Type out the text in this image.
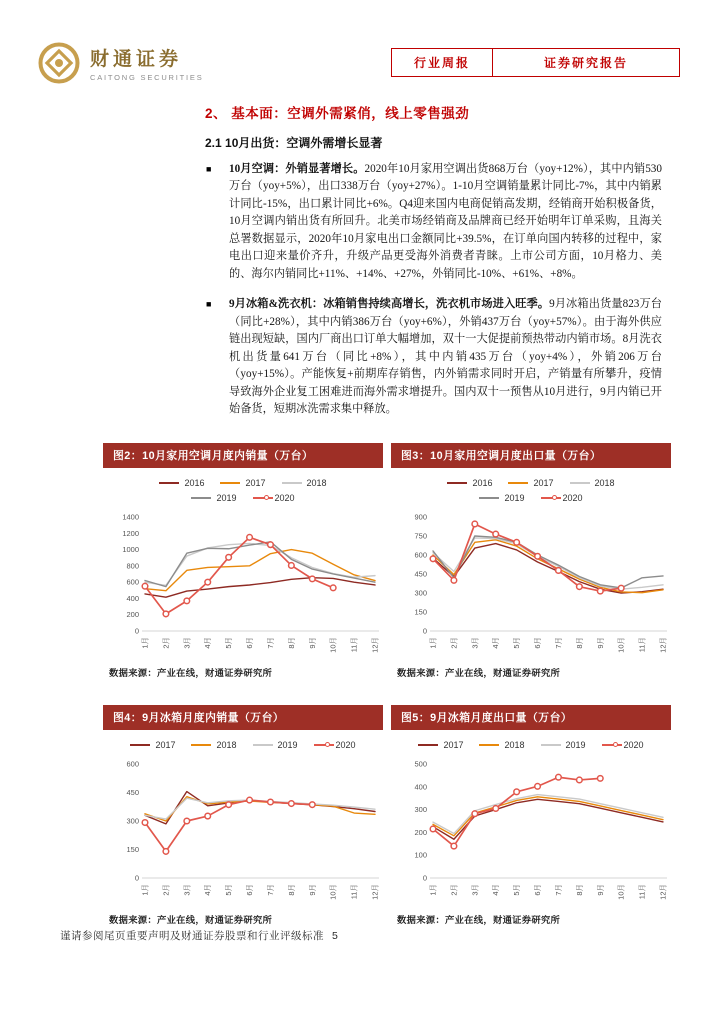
财通证券
CAITONG SECURITIES
行业周报	证券研究报告
2、 基本面：空调外需紧俏，线上零售强劲
2.1 10月出货：空调外需增长显著

■ 10月空调：外销显著增长。2020年10月家用空调出货868万台（yoy+12%），其中内销530万台（yoy+5%），出口338万台（yoy+27%）。1-10月空调销量累计同比-7%，其中内销累计同比-15%，出口累计同比+6%。Q4迎来国内电商促销高发期，经销商开始积极备货，10月空调内销出货有所回升。北美市场经销商及品牌商已经开始明年订单采购，且海关总署数据显示，2020年10月家电出口金额同比+39.5%，在订单向国内转移的过程中，家电出口迎来量价齐升，升级产品更受海外消费者青睐。上市公司方面，10月格力、美的、海尔内销同比+11%、+14%、+27%，外销同比-10%、+61%、+8%。

■ 9月冰箱&洗衣机：冰箱销售持续高增长，洗衣机市场进入旺季。9月冰箱出货量823万台（同比+28%），其中内销386万台（yoy+6%），外销437万台（yoy+57%）。由于海外供应链出现短缺，国内厂商出口订单大幅增加，双十一大促提前预热带动内销市场。8月洗衣机出货量641万台（同比+8%），其中内销435万台（yoy+4%），外销206万台（yoy+15%）。产能恢复+前期库存销售，内外销需求同时开启，产销量有所攀升，疫情导致海外企业复工困难进而海外需求增提升。国内双十一预售从10月进行，9月内销已开始备货，短期冰洗需求集中释放。

图2：10月家用空调月度内销量（万台）
2016	2017	2018
2019	2020
0
200
400
600
800
1000
1200
1400
1月 2月 3月 4月 5月 6月 7月 8月 9月 10月 11月 12月
数据来源：产业在线，财通证券研究所
图3：10月家用空调月度出口量（万台）
2016	2017	2018
2019	2020
0
150
300
450
600
750
900
1月 2月 3月 4月 5月 6月 7月 8月 9月 10月 11月 12月
数据来源：产业在线，财通证券研究所
图4：9月冰箱月度内销量（万台）
2017	2018	2019	2020
0
150
300
450
600
1月 2月 3月 4月 5月 6月 7月 8月 9月 10月 11月 12月
数据来源：产业在线，财通证券研究所
图5：9月冰箱月度出口量（万台）
2017	2018	2019	2020
0
100
200
300
400
500
1月 2月 3月 4月 5月 6月 7月 8月 9月 10月 11月 12月
数据来源：产业在线，财通证券研究所
谨请参阅尾页重要声明及财通证券股票和行业评级标准 5
